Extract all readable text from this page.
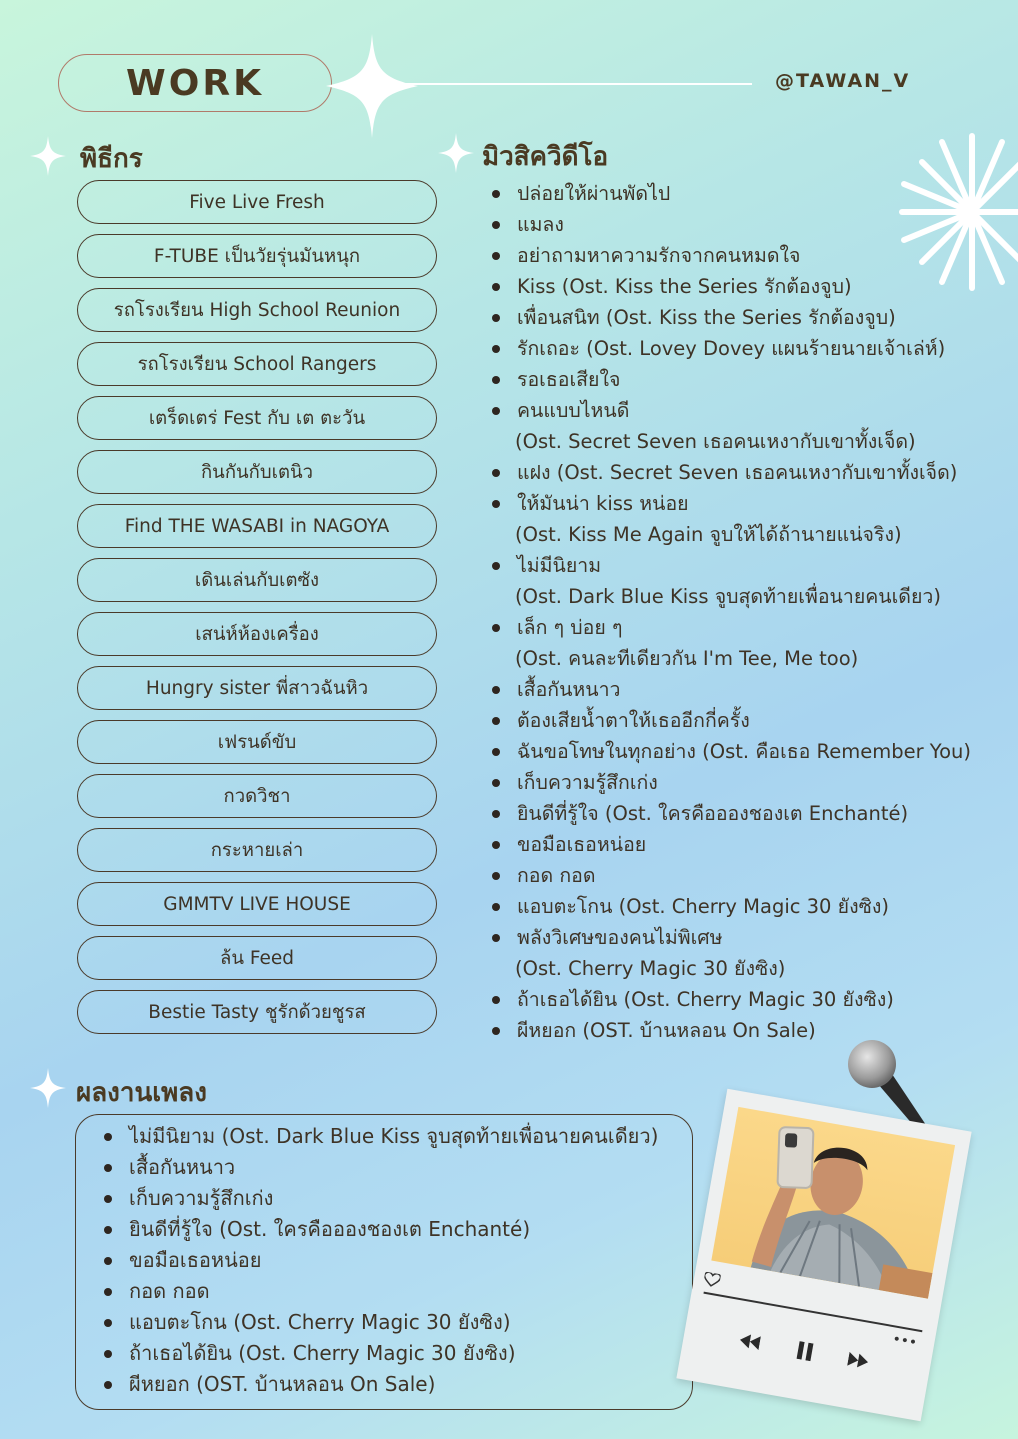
WORK	@TAWAN_V
พิธีกร
Five Live Fresh
F-TUBE เป็นวัยรุ่นมันหนุก
รถโรงเรียน High School Reunion
รถโรงเรียน School Rangers
เตร็ดเตร่ Fest กับ เต ตะวัน
กินกันกับเตนิว
Find THE WASABI in NAGOYA
เดินเล่นกับเตซัง
เสน่ห์ห้องเครื่อง
Hungry sister พี่สาวฉันหิว
เฟรนด์ขับ
กวดวิชา
กระหายเล่า
GMMTV LIVE HOUSE
ล้น Feed
Bestie Tasty ชูรักด้วยชูรส
มิวสิควิดีโอ
ปล่อยให้ผ่านพัดไป
แมลง
อย่าถามหาความรักจากคนหมดใจ
Kiss (Ost. Kiss the Series รักต้องจูบ)
เพื่อนสนิท (Ost. Kiss the Series รักต้องจูบ)
รักเถอะ (Ost. Lovey Dovey แผนร้ายนายเจ้าเล่ห์)
รอเธอเสียใจ
คนแบบไหนดี
(Ost. Secret Seven เธอคนเหงากับเขาทั้งเจ็ด)
แฝง (Ost. Secret Seven เธอคนเหงากับเขาทั้งเจ็ด)
ให้มันน่า kiss หน่อย
(Ost. Kiss Me Again จูบให้ได้ถ้านายแน่จริง)
ไม่มีนิยาม
(Ost. Dark Blue Kiss จูบสุดท้ายเพื่อนายคนเดียว)
เล็ก ๆ บ่อย ๆ
(Ost. คนละทีเดียวกัน I'm Tee, Me too)
เสื้อกันหนาว
ต้องเสียน้ำตาให้เธออีกกี่ครั้ง
ฉันขอโทษในทุกอย่าง (Ost. คือเธอ Remember You)
เก็บความรู้สึกเก่ง
ยินดีที่รู้ใจ (Ost. ใครคืออองชองเต Enchanté)
ขอมือเธอหน่อย
กอด กอด
แอบตะโกน (Ost. Cherry Magic 30 ยังซิง)
พลังวิเศษของคนไม่พิเศษ
(Ost. Cherry Magic 30 ยังซิง)
ถ้าเธอได้ยิน (Ost. Cherry Magic 30 ยังซิง)
ผีหยอก (OST. บ้านหลอน On Sale)
ผลงานเพลง
ไม่มีนิยาม (Ost. Dark Blue Kiss จูบสุดท้ายเพื่อนายคนเดียว)
เสื้อกันหนาว
เก็บความรู้สึกเก่ง
ยินดีที่รู้ใจ (Ost. ใครคืออองชองเต Enchanté)
ขอมือเธอหน่อย
กอด กอด
แอบตะโกน (Ost. Cherry Magic 30 ยังซิง)
ถ้าเธอได้ยิน (Ost. Cherry Magic 30 ยังซิง)
ผีหยอก (OST. บ้านหลอน On Sale)
•••
